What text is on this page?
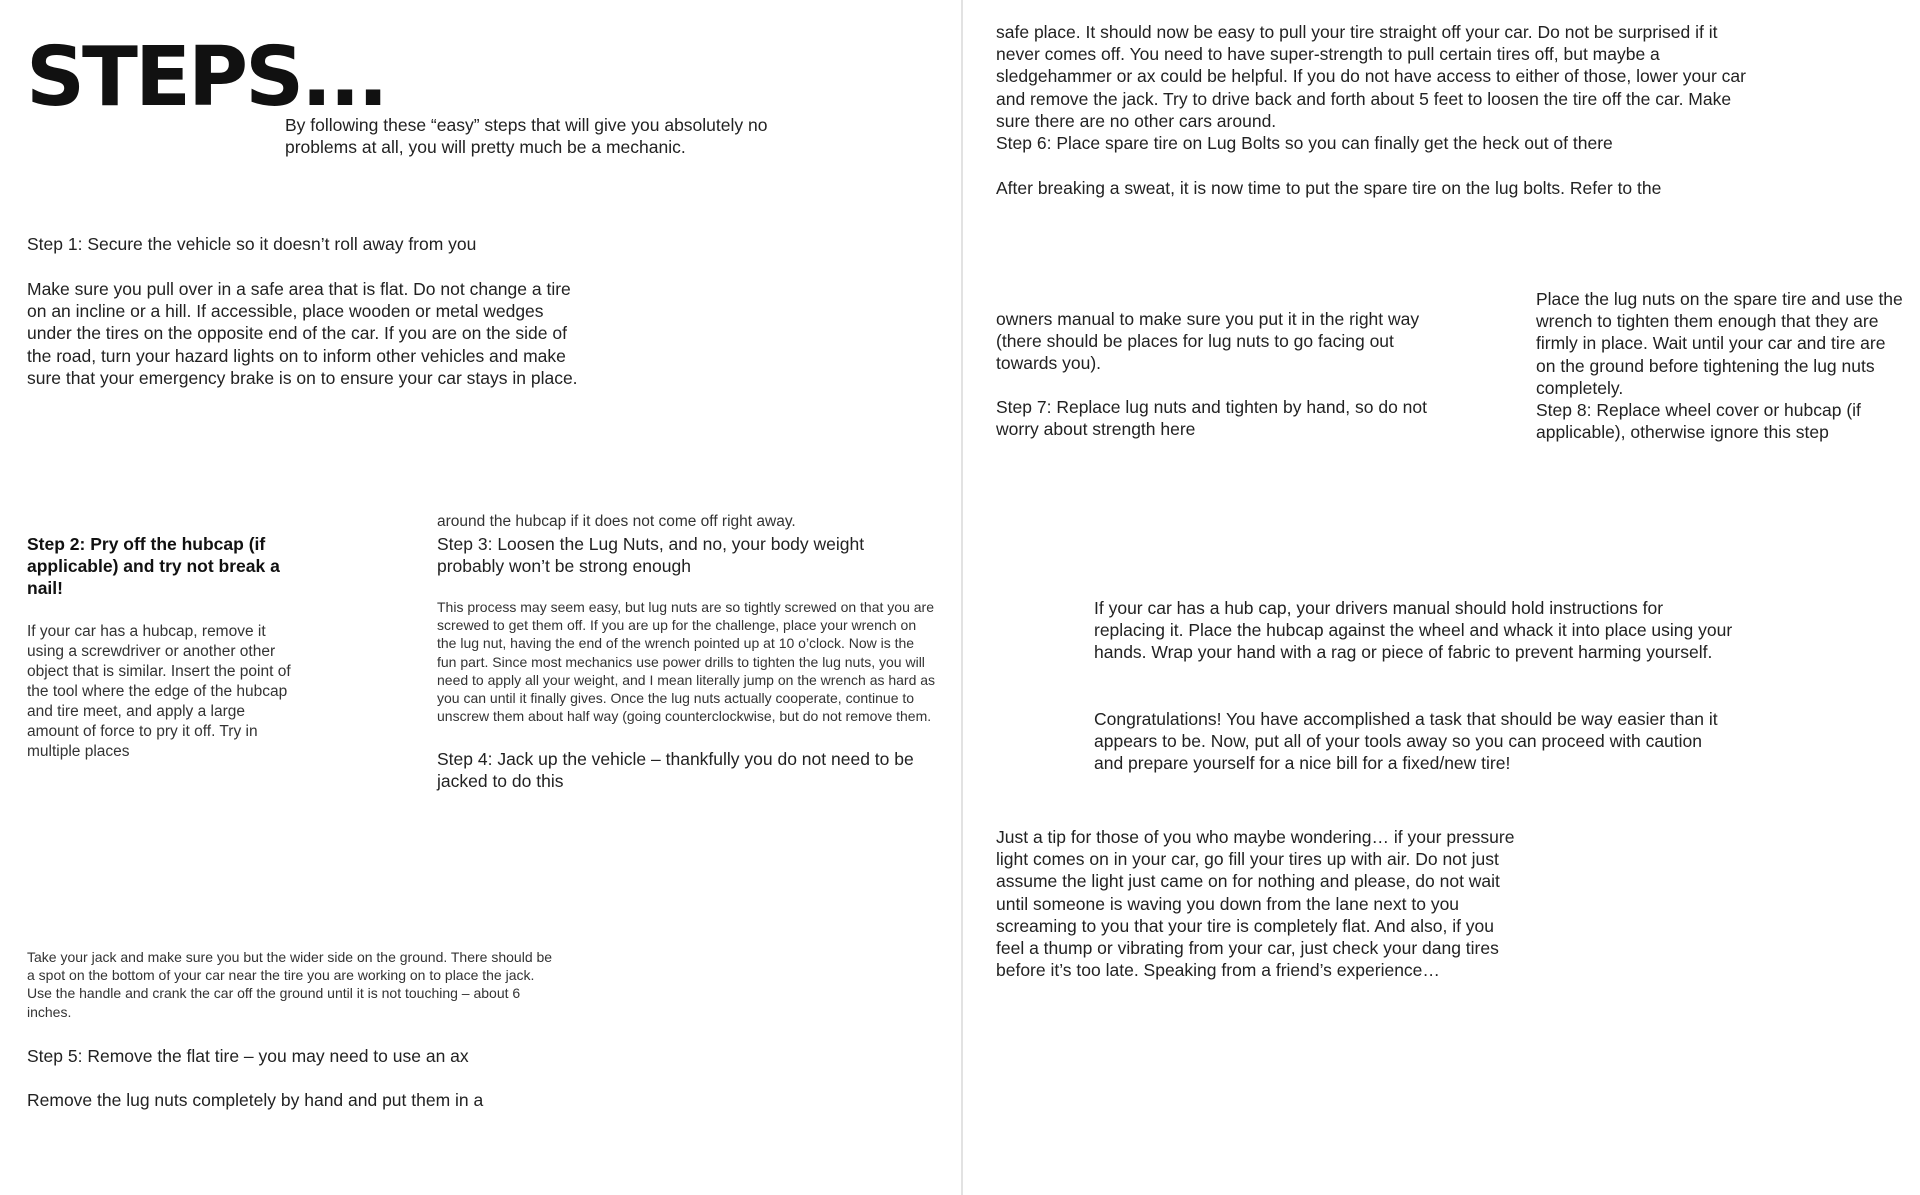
STEPS...

By following these “easy” steps that will give you absolutely no problems at all, you will pretty much be a mechanic.

Step 1: Secure the vehicle so it doesn’t roll away from you

Make sure you pull over in a safe area that is flat. Do not change a tire on an incline or a hill. If accessible, place wooden or metal wedges under the tires on the opposite end of the car. If you are on the side of the road, turn your hazard lights on to inform other vehicles and make sure that your emergency brake is on to ensure your car stays in place.

Step 2: Pry off the hubcap (if applicable) and try not break a nail!

If your car has a hubcap, remove it using a screwdriver or another other object that is similar. Insert the point of the tool where the edge of the hubcap and tire meet, and apply a large amount of force to pry it off. Try in multiple places

around the hubcap if it does not come off right away.

Step 3: Loosen the Lug Nuts, and no, your body weight probably won’t be strong enough

This process may seem easy, but lug nuts are so tightly screwed on that you are screwed to get them off. If you are up for the challenge, place your wrench on the lug nut, having the end of the wrench pointed up at 10 o’clock. Now is the fun part. Since most mechanics use power drills to tighten the lug nuts, you will need to apply all your weight, and I mean literally jump on the wrench as hard as you can until it finally gives. Once the lug nuts actually cooperate, continue to unscrew them about half way (going counterclockwise, but do not remove them.

Step 4: Jack up the vehicle – thankfully you do not need to be jacked to do this

Take your jack and make sure you but the wider side on the ground. There should be a spot on the bottom of your car near the tire you are working on to place the jack. Use the handle and crank the car off the ground until it is not touching – about 6 inches.

Step 5: Remove the flat tire – you may need to use an ax

Remove the lug nuts completely by hand and put them in a

safe place. It should now be easy to pull your tire straight off your car. Do not be surprised if it never comes off. You need to have super-strength to pull certain tires off, but maybe a sledgehammer or ax could be helpful. If you do not have access to either of those, lower your car and remove the jack. Try to drive back and forth about 5 feet to loosen the tire off the car. Make sure there are no other cars around.

Step 6: Place spare tire on Lug Bolts so you can finally get the heck out of there

After breaking a sweat, it is now time to put the spare tire on the lug bolts. Refer to the

owners manual to make sure you put it in the right way (there should be places for lug nuts to go facing out towards you).

Step 7: Replace lug nuts and tighten by hand, so do not worry about strength here

Place the lug nuts on the spare tire and use the wrench to tighten them enough that they are firmly in place. Wait until your car and tire are on the ground before tightening the lug nuts completely.

Step 8: Replace wheel cover or hubcap (if applicable), otherwise ignore this step

If your car has a hub cap, your drivers manual should hold instructions for replacing it. Place the hubcap against the wheel and whack it into place using your hands. Wrap your hand with a rag or piece of fabric to prevent harming yourself.

Congratulations! You have accomplished a task that should be way easier than it appears to be. Now, put all of your tools away so you can proceed with caution and prepare yourself for a nice bill for a fixed/new tire!

Just a tip for those of you who maybe wondering… if your pressure light comes on in your car, go fill your tires up with air. Do not just assume the light just came on for nothing and please, do not wait until someone is waving you down from the lane next to you screaming to you that your tire is completely flat. And also, if you feel a thump or vibrating from your car, just check your dang tires before it’s too late. Speaking from a friend’s experience…
